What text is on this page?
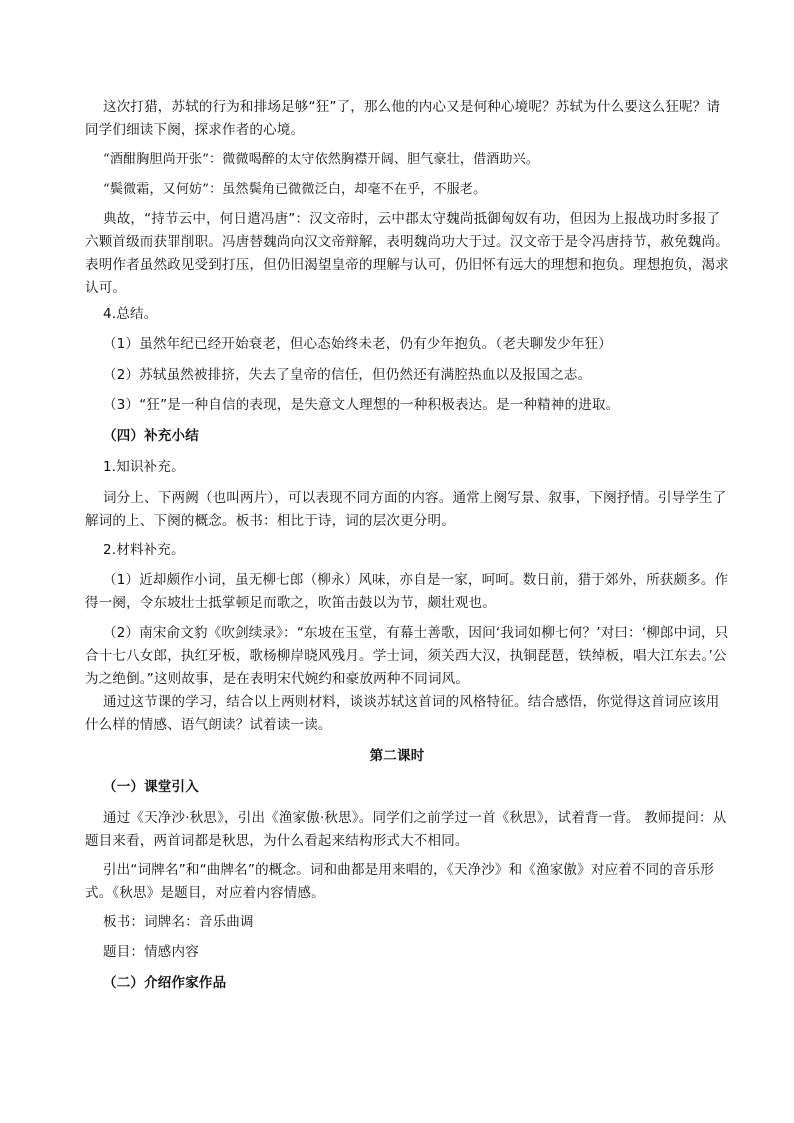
这次打猎，苏轼的行为和排场足够“狂”了，那么他的内心又是何种心境呢？苏轼为什么要这么狂呢？请同学们细读下阕，探求作者的心境。

“酒酣胸胆尚开张”：微微喝醉的太守依然胸襟开阔、胆气豪壮，借酒助兴。

“鬓微霜，又何妨”：虽然鬓角已微微泛白，却毫不在乎，不服老。

典故，“持节云中，何日遣冯唐”：汉文帝时，云中郡太守魏尚抵御匈奴有功，但因为上报战功时多报了六颗首级而获罪削职。冯唐替魏尚向汉文帝辩解，表明魏尚功大于过。汉文帝于是令冯唐持节，赦免魏尚。表明作者虽然政见受到打压，但仍旧渴望皇帝的理解与认可，仍旧怀有远大的理想和抱负。理想抱负，渴求认可。

4.总结。

（1）虽然年纪已经开始衰老，但心态始终未老，仍有少年抱负。（老夫聊发少年狂）

（2）苏轼虽然被排挤，失去了皇帝的信任，但仍然还有满腔热血以及报国之志。

（3）“狂”是一种自信的表现，是失意文人理想的一种积极表达。是一种精神的进取。

（四）补充小结

1.知识补充。

词分上、下两阙（也叫两片），可以表现不同方面的内容。通常上阕写景、叙事，下阕抒情。引导学生了解词的上、下阕的概念。板书：相比于诗，词的层次更分明。

2.材料补充。

（1）近却颇作小词，虽无柳七郎（柳永）风味，亦自是一家，呵呵。数日前，猎于郊外，所获颇多。作得一阕，令东坡壮士抵掌顿足而歌之，吹笛击鼓以为节，颇壮观也。

（2）南宋俞文豹《吹剑续录》：“东坡在玉堂，有幕士善歌，因问‘我词如柳七何？’对曰：‘柳郎中词，只合十七八女郎，执红牙板，歌杨柳岸晓风残月。学士词，须关西大汉，执铜琵琶，铁绰板，唱大江东去。’公为之绝倒。”这则故事，是在表明宋代婉约和豪放两种不同词风。

通过这节课的学习，结合以上两则材料，谈谈苏轼这首词的风格特征。结合感悟，你觉得这首词应该用什么样的情感、语气朗读？试着读一读。

第二课时

（一）课堂引入

通过《天净沙·秋思》，引出《渔家傲·秋思》。同学们之前学过一首《秋思》，试着背一背。 教师提问：从题目来看，两首词都是秋思，为什么看起来结构形式大不相同。

引出“词牌名”和“曲牌名”的概念。词和曲都是用来唱的，《天净沙》和《渔家傲》对应着不同的音乐形式。《秋思》是题目，对应着内容情感。

板书：词牌名：音乐曲调

题目：情感内容

（二）介绍作家作品
